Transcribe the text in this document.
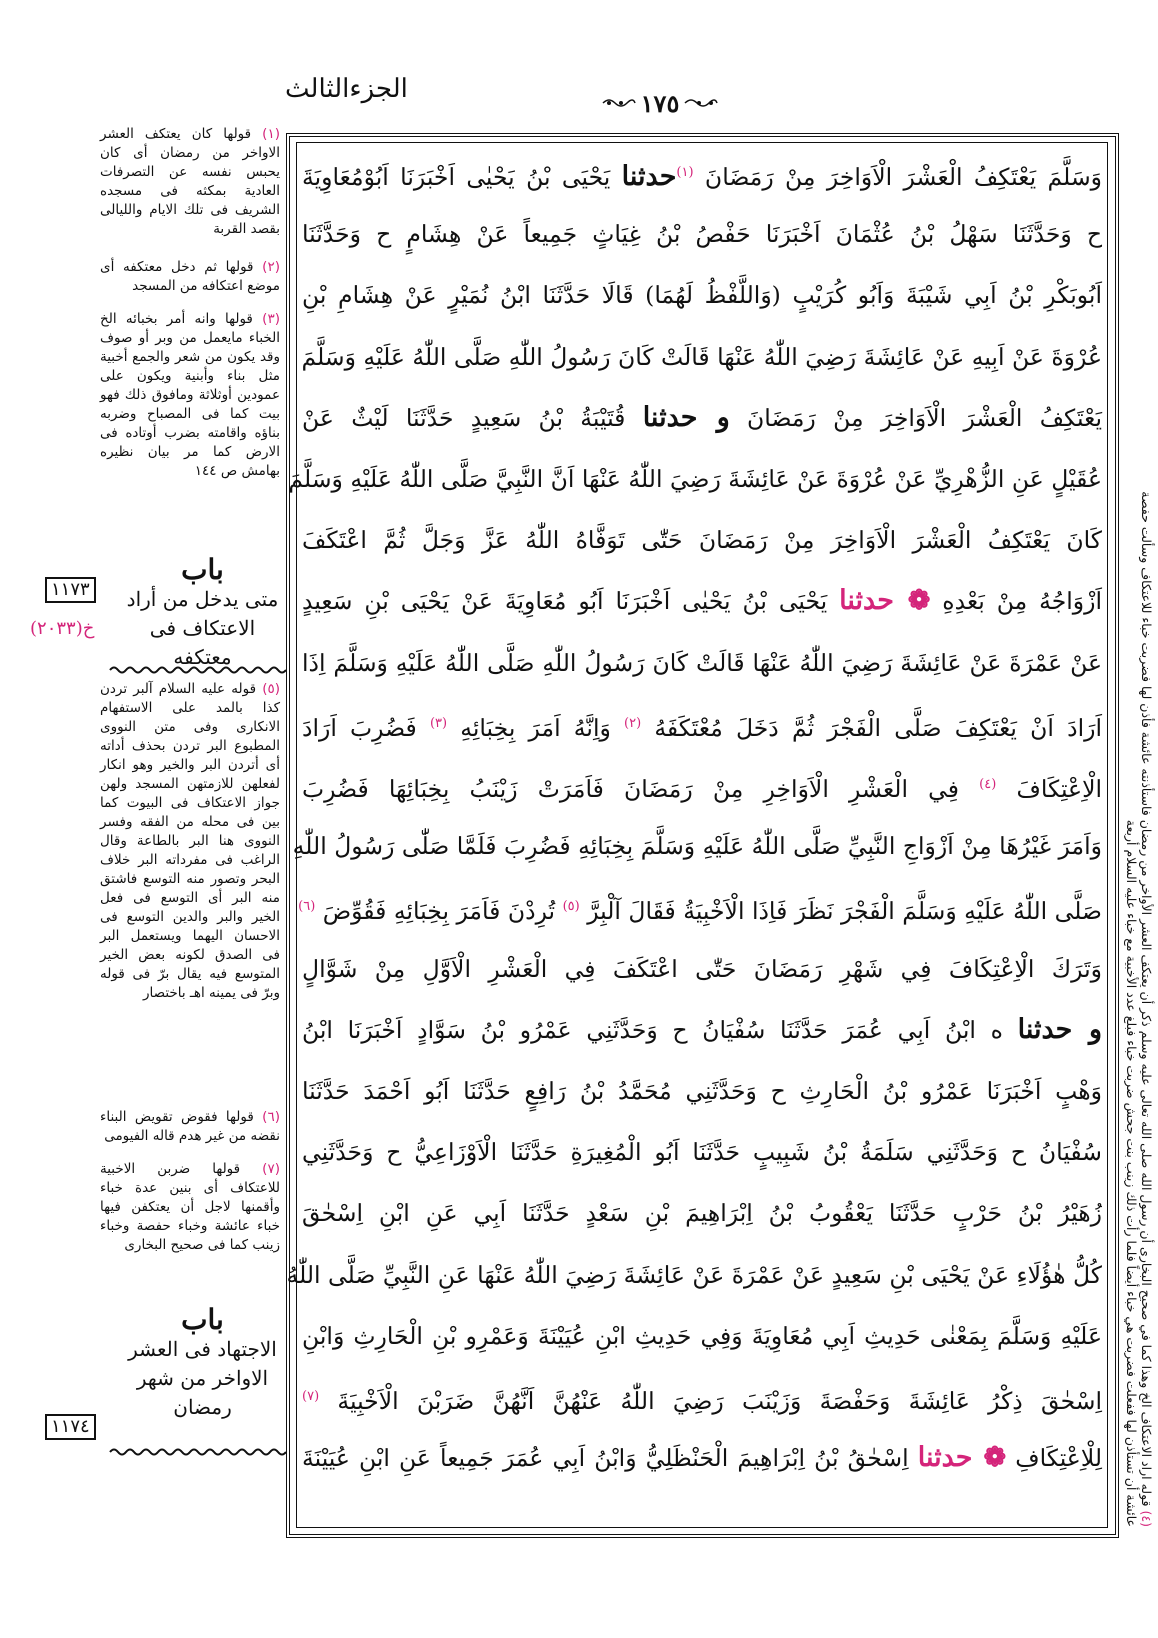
الجزءالثالث	١٧٥
وَسَلَّمَ يَعْتَكِفُ الْعَشْرَ الْاَوَاخِرَ مِنْ رَمَضَانَ $^{(١)}$حدثنا يَحْيَى بْنُ يَحْيٰى اَخْبَرَنَا اَبُوْمُعَاوِيَةَ
ح وَحَدَّثَنَا سَهْلُ بْنُ عُثْمَانَ اَخْبَرَنَا حَفْصُ بْنُ غِيَاثٍ جَمِيعاً عَنْ هِشَامٍ ح وَحَدَّثَنَا
اَبُوبَكْرِ بْنُ اَبِي شَيْبَةَ وَاَبُو كُرَيْبٍ (وَاللَّفْظُ لَهُمَا) قَالَا حَدَّثَنَا ابْنُ نُمَيْرٍ عَنْ هِشَامِ بْنِ
عُرْوَةَ عَنْ اَبِيهِ عَنْ عَائِشَةَ رَضِيَ اللّٰهُ عَنْهَا قَالَتْ كَانَ رَسُولُ اللّٰهِ صَلَّى اللّٰهُ عَلَيْهِ وَسَلَّمَ
يَعْتَكِفُ الْعَشْرَ الْاَوَاخِرَ مِنْ رَمَضَانَ و حدثنا قُتَيْبَةُ بْنُ سَعِيدٍ حَدَّثَنَا لَيْثٌ عَنْ
عُقَيْلٍ عَنِ الزُّهْرِيِّ عَنْ عُرْوَةَ عَنْ عَائِشَةَ رَضِيَ اللّٰهُ عَنْهَا اَنَّ النَّبِيَّ صَلَّى اللّٰهُ عَلَيْهِ وَسَلَّمَ
كَانَ يَعْتَكِفُ الْعَشْرَ الْاَوَاخِرَ مِنْ رَمَضَانَ حَتّٰى تَوَفَّاهُ اللّٰهُ عَزَّ وَجَلَّ ثُمَّ اعْتَكَفَ
اَزْوَاجُهُ مِنْ بَعْدِهِ ❁ حدثنا يَحْيَى بْنُ يَحْيٰى اَخْبَرَنَا اَبُو مُعَاوِيَةَ عَنْ يَحْيَى بْنِ سَعِيدٍ
عَنْ عَمْرَةَ عَنْ عَائِشَةَ رَضِيَ اللّٰهُ عَنْهَا قَالَتْ كَانَ رَسُولُ اللّٰهِ صَلَّى اللّٰهُ عَلَيْهِ وَسَلَّمَ اِذَا
اَرَادَ اَنْ يَعْتَكِفَ صَلَّى الْفَجْرَ ثُمَّ دَخَلَ مُعْتَكَفَهُ $^{(٢)}$ وَاِنَّهُ اَمَرَ بِخِبَائِهِ $^{(٣)}$ فَضُرِبَ اَرَادَ
الْاِعْتِكَافَ $^{(٤)}$ فِي الْعَشْرِ الْاَوَاخِرِ مِنْ رَمَضَانَ فَاَمَرَتْ زَيْنَبُ بِخِبَائِهَا فَضُرِبَ
وَاَمَرَ غَيْرُهَا مِنْ اَزْوَاجِ النَّبِيِّ صَلَّى اللّٰهُ عَلَيْهِ وَسَلَّمَ بِخِبَائِهِ فَضُرِبَ فَلَمَّا صَلّٰى رَسُولُ اللّٰهِ
صَلَّى اللّٰهُ عَلَيْهِ وَسَلَّمَ الْفَجْرَ نَظَرَ فَاِذَا الْاَخْبِيَةُ فَقَالَ آلْبِرَّ $^{(٥)}$ تُرِدْنَ فَاَمَرَ بِخِبَائِهِ فَقُوِّضَ $^{(٦)}$
وَتَرَكَ الْاِعْتِكَافَ فِي شَهْرِ رَمَضَانَ حَتّٰى اعْتَكَفَ فِي الْعَشْرِ الْاَوَّلِ مِنْ شَوَّالٍ
و حدثنا ه ابْنُ اَبِي عُمَرَ حَدَّثَنَا سُفْيَانُ ح وَحَدَّثَنِي عَمْرُو بْنُ سَوَّادٍ اَخْبَرَنَا ابْنُ
وَهْبٍ اَخْبَرَنَا عَمْرُو بْنُ الْحَارِثِ ح وَحَدَّثَنِي مُحَمَّدُ بْنُ رَافِعٍ حَدَّثَنَا اَبُو اَحْمَدَ حَدَّثَنَا
سُفْيَانُ ح وَحَدَّثَنِي سَلَمَةُ بْنُ شَبِيبٍ حَدَّثَنَا اَبُو الْمُغِيرَةِ حَدَّثَنَا الْاَوْزَاعِيُّ ح وَحَدَّثَنِي
زُهَيْرُ بْنُ حَرْبٍ حَدَّثَنَا يَعْقُوبُ بْنُ اِبْرَاهِيمَ بْنِ سَعْدٍ حَدَّثَنَا اَبِي عَنِ ابْنِ اِسْحٰقَ
كُلُّ هٰؤُلَاءِ عَنْ يَحْيَى بْنِ سَعِيدٍ عَنْ عَمْرَةَ عَنْ عَائِشَةَ رَضِيَ اللّٰهُ عَنْهَا عَنِ النَّبِيِّ صَلَّى اللّٰهُ
عَلَيْهِ وَسَلَّمَ بِمَعْنٰى حَدِيثِ اَبِي مُعَاوِيَةَ وَفِي حَدِيثِ ابْنِ عُيَيْنَةَ وَعَمْرِو بْنِ الْحَارِثِ وَابْنِ
اِسْحٰقَ ذِكْرُ عَائِشَةَ وَحَفْصَةَ وَزَيْنَبَ رَضِيَ اللّٰهُ عَنْهُنَّ اَنَّهُنَّ ضَرَبْنَ الْاَخْبِيَةَ $^{(٧)}$
لِلْاِعْتِكَافِ ❁ حدثنا اِسْحٰقُ بْنُ اِبْرَاهِيمَ الْحَنْظَلِيُّ وَابْنُ اَبِي عُمَرَ جَمِيعاً عَنِ ابْنِ عُيَيْنَةَ
(٤) قوله اراد الاعتكاف الخ وهذا كما في صحيح البخارى أن رسول الله صلى الله تعالى عليه وسلم ذكر أن يعتكف العشر الأواخر من رمضان فاستأذنته عائشة فأذن لها فضربت خباء للاعتكاف وسألت حفصة عائشة أن تستأذن لها ففعلت فضربت هي خباء أيضاً فلما رأت ذلك زينب بنت جحش ضربت خباء فبلغ عدد الأخبية مع خباء عليه السلام أربعة
(١) قولها كان يعتكف العشر الاواخر من رمضان أى كان يحبس نفسه عن التصرفات العادية بمكثه فى مسجده الشريف فى تلك الايام والليالى بقصد القربة
(٢) قولها ثم دخل معتكفه أى موضع اعتكافه من المسجد
(٣) قولها وانه أمر بخبائه الخ الخباء مايعمل من وبر أو صوف وقد يكون من شعر والجمع أخبية مثل بناء وأبنية ويكون على عمودين أوثلاثة ومافوق ذلك فهو بيت كما فى المصباح وضربه بناؤه واقامته بضرب أوتاده فى الارض كما مر بيان نظيره بهامش ص ١٤٤
باب
متى يدخل من أراد الاعتكاف فى معتكفه
١١٧٣
خ(٢٠٣٣)
(٥) قوله عليه السلام آلبر تردن كذا بالمد على الاستفهام الانكارى وفى متن النووى المطبوع البر تردن بحذف أداته أى أتردن البر والخير وهو انكار لفعلهن للازمتهن المسجد ولهن جواز الاعتكاف فى البيوت كما بين فى محله من الفقه وفسر النووى هنا البر بالطاعة وقال الراغب فى مفرداته البر خلاف البحر وتصور منه التوسع فاشتق منه البر أى التوسع فى فعل الخير والبر والدين التوسع فى الاحسان اليهما ويستعمل البر فى الصدق لكونه بعض الخير المتوسع فيه يقال برّ فى قوله وبرّ فى يمينه اهـ باختصار
(٦) قولها فقوض تقويض البناء نقضه من غير هدم قاله الفيومى
(٧) قولها ضربن الاخبية للاعتكاف أى بنين عدة خباء وأقمنها لاجل أن يعتكفن فيها خباء عائشة وخباء حفصة وخباء زينب كما فى صحيح البخارى
باب
الاجتهاد فى العشر الاواخر من شهر رمضان
١١٧٤
